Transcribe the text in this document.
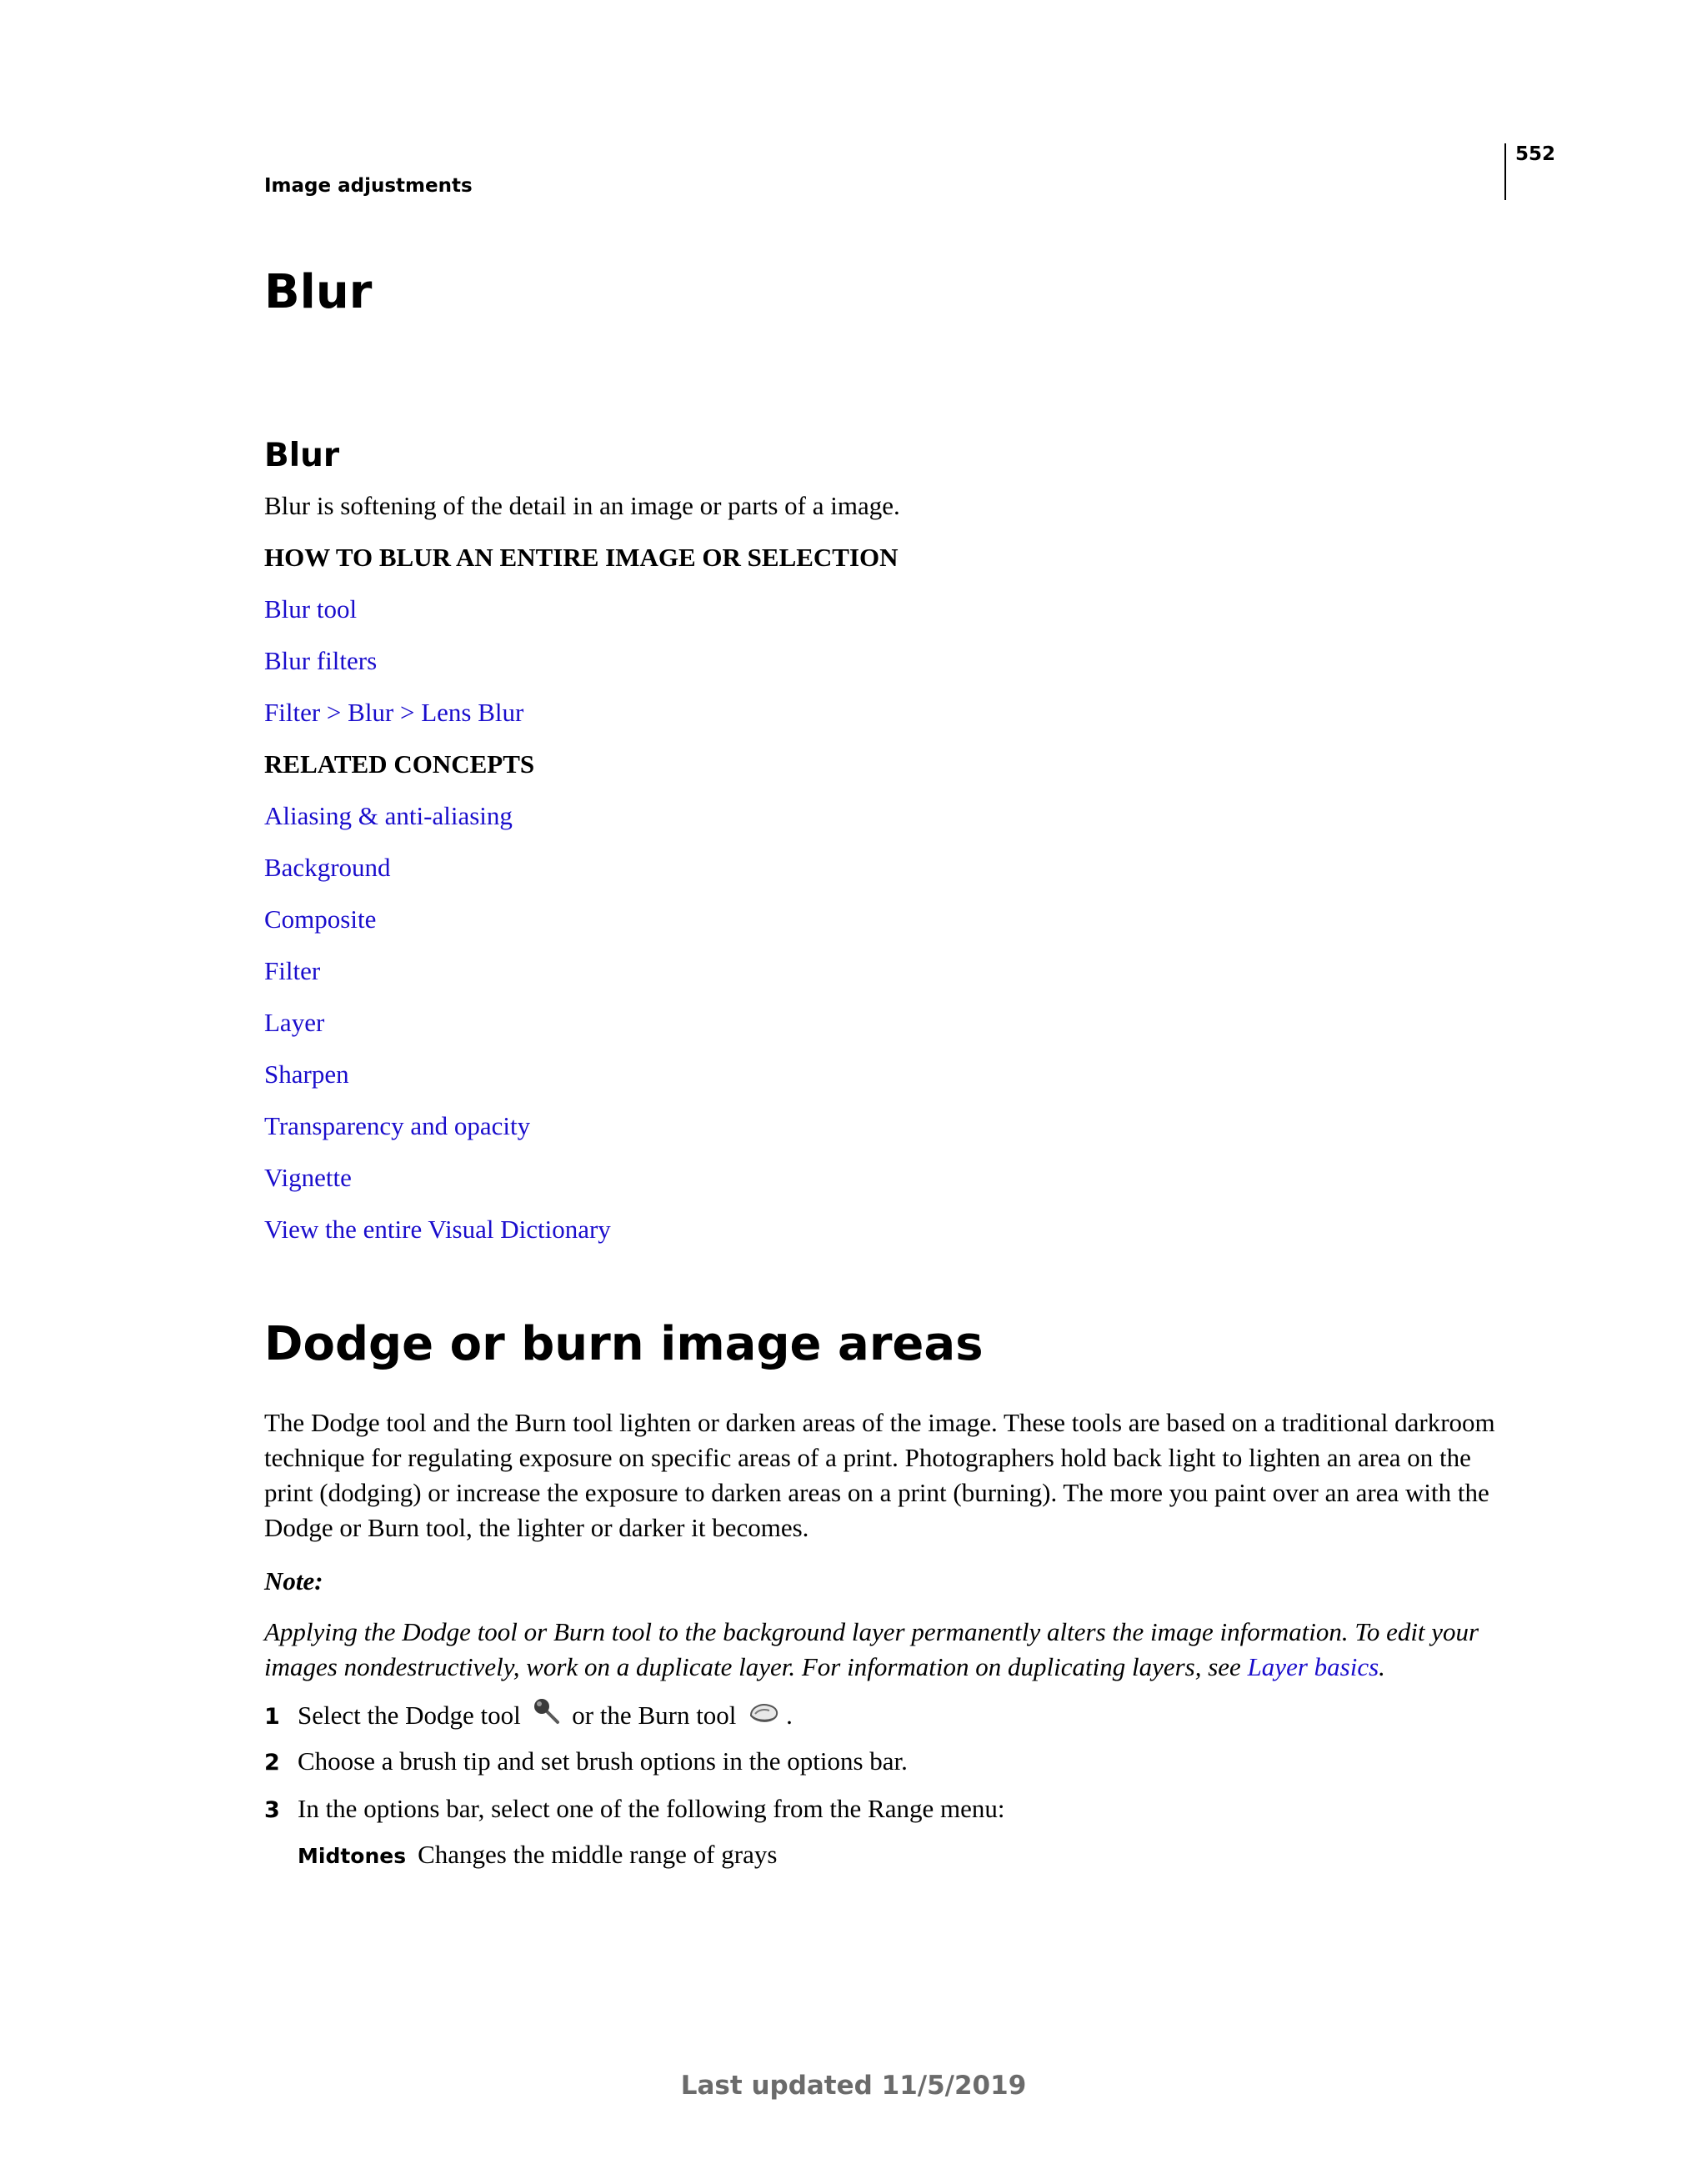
552
Image adjustments
Blur
Blur
Blur is softening of the detail in an image or parts of a image.
HOW TO BLUR AN ENTIRE IMAGE OR SELECTION
Blur tool
Blur filters
Filter > Blur > Lens Blur
RELATED CONCEPTS
Aliasing & anti-aliasing
Background
Composite
Filter
Layer
Sharpen
Transparency and opacity
Vignette
View the entire Visual Dictionary
Dodge or burn image areas

The Dodge tool and the Burn tool lighten or darken areas of the image. These tools are based on a traditional darkroom technique for regulating exposure on specific areas of a print. Photographers hold back light to lighten an area on the print (dodging) or increase the exposure to darken areas on a print (burning). The more you paint over an area with the Dodge or Burn tool, the lighter or darker it becomes.

Note:

Applying the Dodge tool or Burn tool to the background layer permanently alters the image information. To edit your images nondestructively, work on a duplicate layer. For information on duplicating layers, see Layer basics.

1 Select the Dodge tool or the Burn tool .
2 Choose a brush tip and set brush options in the options bar.
3 In the options bar, select one of the following from the Range menu:
Midtones Changes the middle range of grays
Last updated 11/5/2019
